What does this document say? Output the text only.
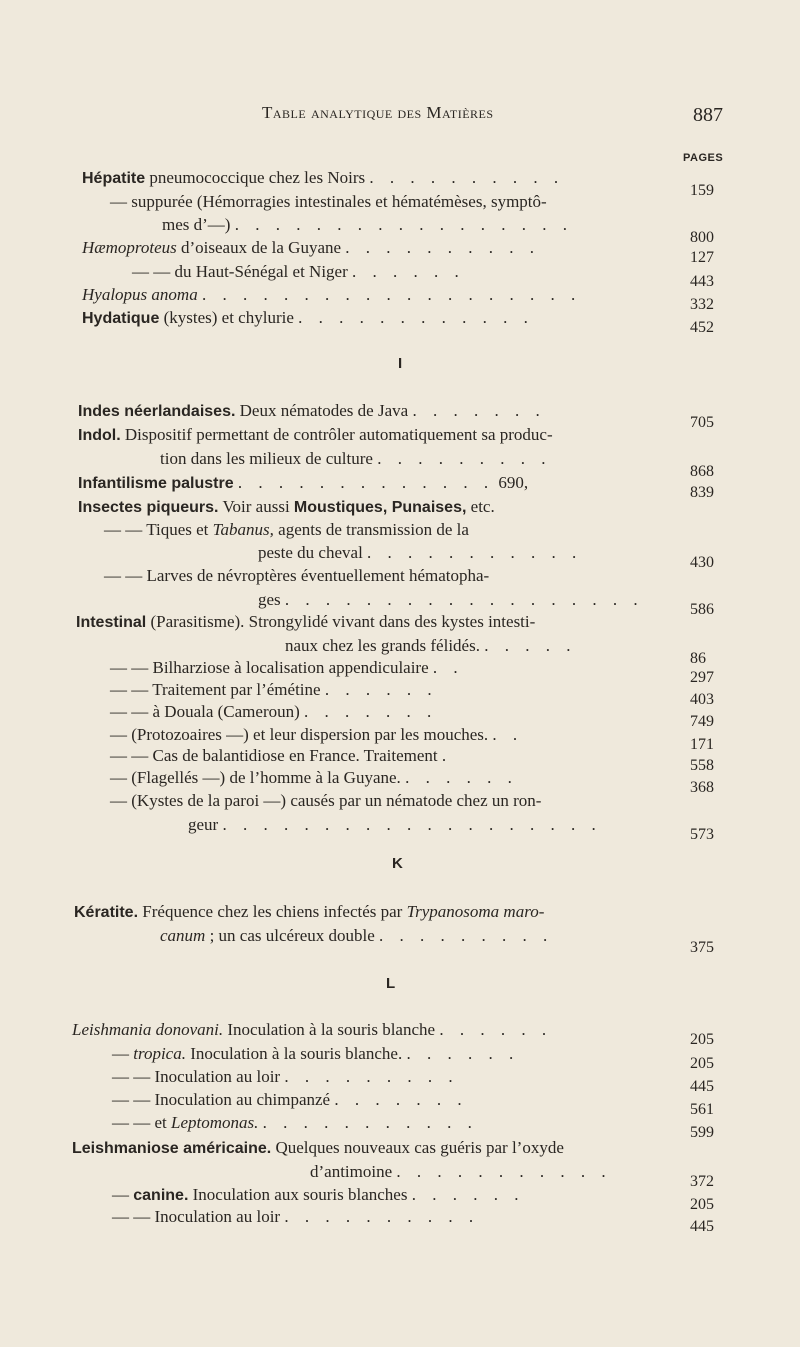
Table analytique des Matières	887
PAGES
I
K
L
Hépatite pneumococcique chez les Noirs . . . . . . . . . .
159
— suppurée (Hémorragies intestinales et hématémèses, symptô-
mes d’—) . . . . . . . . . . . . . . . . .
800
Hæmoproteus d’oiseaux de la Guyane . . . . . . . . . .
127
— — du Haut-Sénégal et Niger . . . . . .
443
Hyalopus anoma . . . . . . . . . . . . . . . . . . .
332
Hydatique (kystes) et chylurie . . . . . . . . . . . .
452
Indes néerlandaises. Deux nématodes de Java . . . . . . .
705
Indol. Dispositif permettant de contrôler automatiquement sa produc-
tion dans les milieux de culture . . . . . . . . .
868
Infantilisme palustre . . . . . . . . . . . . . 690,
839
Insectes piqueurs. Voir aussi Moustiques, Punaises, etc.
— — Tiques et Tabanus, agents de transmission de la
peste du cheval . . . . . . . . . . .
430
— — Larves de névroptères éventuellement hématopha-
ges . . . . . . . . . . . . . . . . . .
586
Intestinal (Parasitisme). Strongylidé vivant dans des kystes intesti-
naux chez les grands félidés. . . . . .
86
— — Bilharziose à localisation appendiculaire . .
297
— — Traitement par l’émétine . . . . . .
403
— — à Douala (Cameroun) . . . . . . .
749
— (Protozoaires —) et leur dispersion par les mouches. . .
171
— — Cas de balantidiose en France. Traitement .
558
— (Flagellés —) de l’homme à la Guyane. . . . . . .
368
— (Kystes de la paroi —) causés par un nématode chez un ron-
geur . . . . . . . . . . . . . . . . . . .
573
Kératite. Fréquence chez les chiens infectés par Trypanosoma maro-
canum ; un cas ulcéreux double . . . . . . . . .
375
Leishmania donovani. Inoculation à la souris blanche . . . . . .
205
— tropica. Inoculation à la souris blanche. . . . . . .
205
— — Inoculation au loir . . . . . . . . .
445
— — Inoculation au chimpanzé . . . . . . .
561
— — et Leptomonas. . . . . . . . . . . .
599
Leishmaniose américaine. Quelques nouveaux cas guéris par l’oxyde
d’antimoine . . . . . . . . . . .
372
— canine. Inoculation aux souris blanches . . . . . .
205
— — Inoculation au loir . . . . . . . . . .
445
